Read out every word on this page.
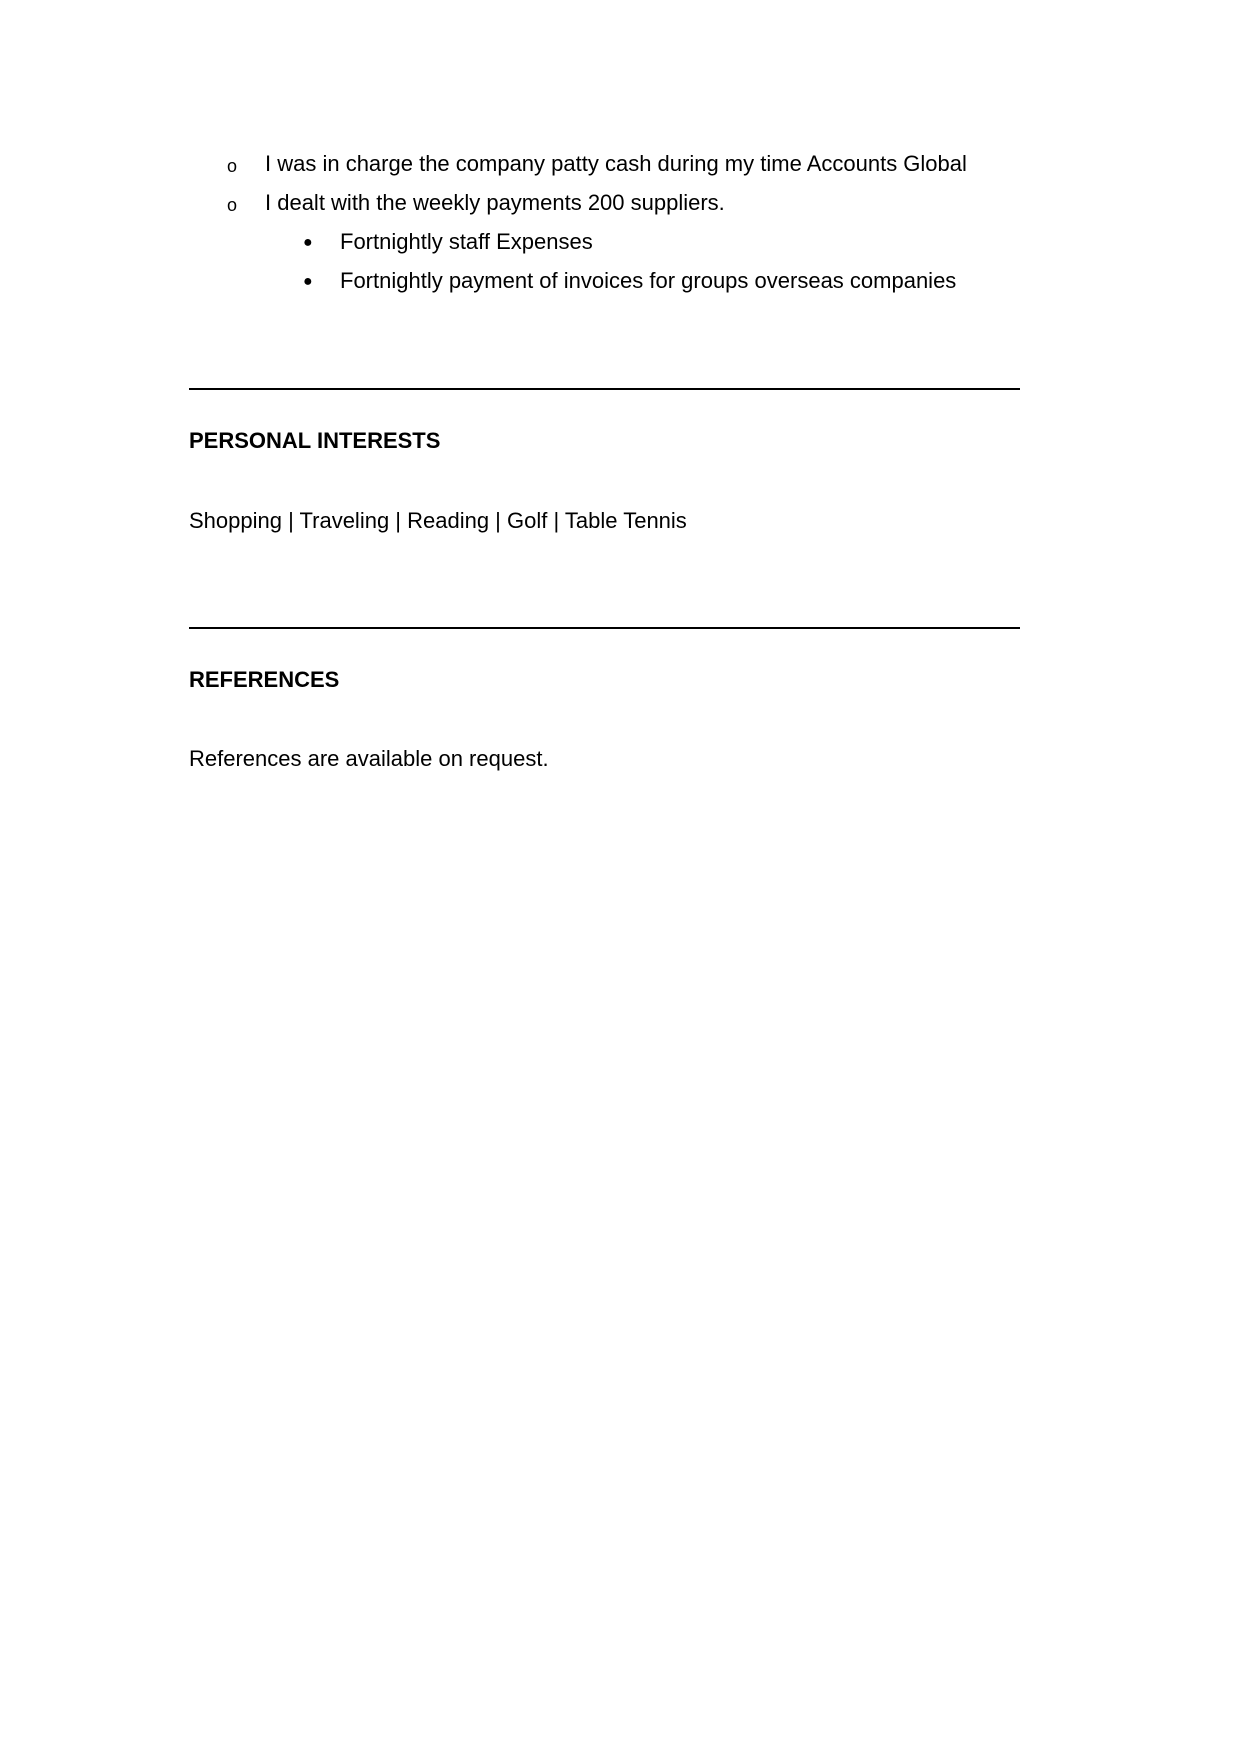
o I was in charge the company patty cash during my time Accounts Global
o I dealt with the weekly payments 200 suppliers.
● Fortnightly staff Expenses
● Fortnightly payment of invoices for groups overseas companies
PERSONAL INTERESTS
Shopping | Traveling | Reading | Golf | Table Tennis
REFERENCES
References are available on request.
